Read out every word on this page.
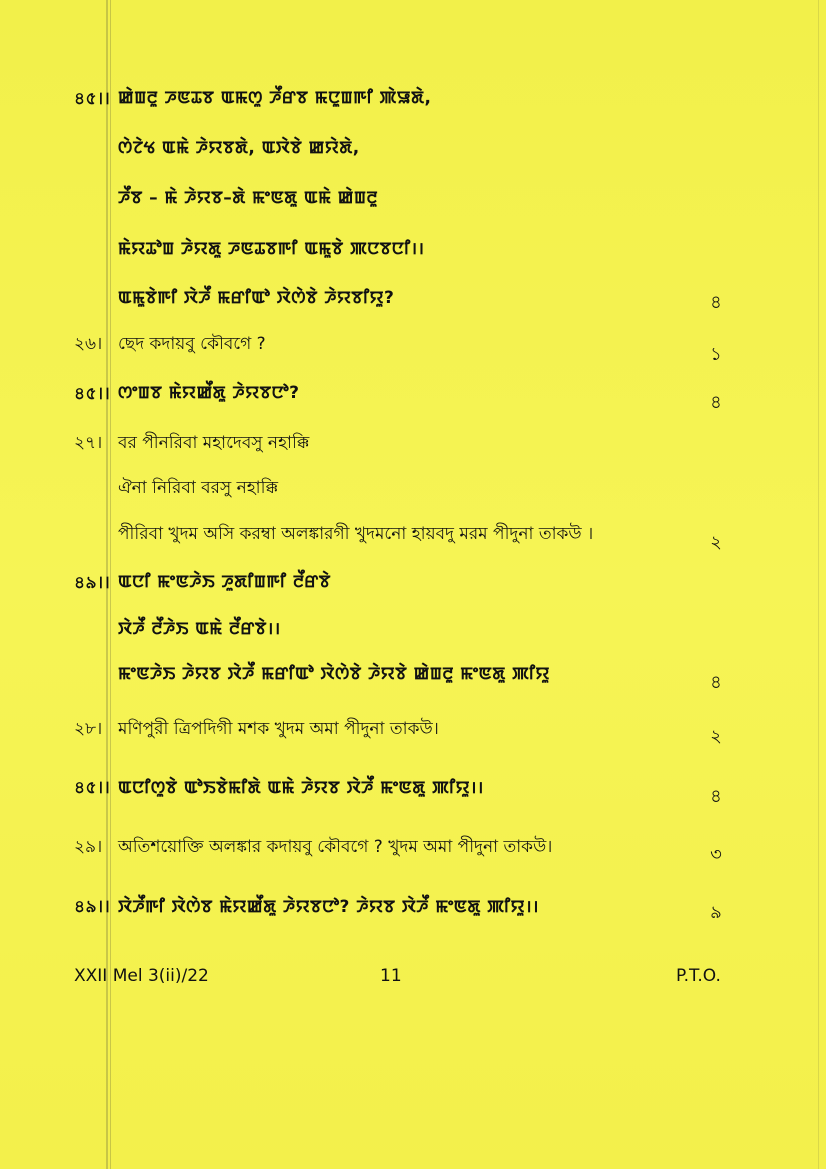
৪৫।। ꯀꯥꯡꯂꯨ ꯍꯟꯊꯕ ꯑꯃꯁꯨ ꯍꯩꯔꯕ ꯃꯅꯨꯡꯒꯤ ꯄꯥꯎꯗꯥ,
ꯁꯥꯖꯥꯠ ꯑꯃꯥ ꯍꯥꯌꯕꯗꯥ, ꯑꯋꯥꯕꯥ ꯀꯌꯥꯗꯥ,
ꯍꯩꯕ – ꯃꯥ ꯍꯥꯌꯕ–ꯗꯥ ꯃꯦꯟꯗꯨ ꯑꯃꯥ ꯀꯥꯡꯂꯨ
ꯃꯥꯌꯊꯣꯡ ꯍꯥꯌꯗꯨ ꯍꯟꯊꯕꯒꯤ ꯑꯃꯨꯕꯥ ꯄꯅꯕꯅꯤ।।
ꯑꯃꯨꯕꯥꯒꯤ ꯋꯥꯍꯩ ꯃꯔꯤꯑꯣ ꯋꯥꯁꯥꯕꯥ ꯍꯥꯌꯕꯤꯌꯨ?	৪
২৬। ছেদ কদায়বু কৌবগে ?	১
৪৫।। ꯁꯦꯡꯕ ꯃꯥꯌꯀꯩꯗꯨ ꯍꯥꯌꯕꯅꯣ?	৪
২৭। বর পীনরিবা মহাদেবসু নহাক্কি
ঐনা নিরিবা বরসু নহাক্কি
পীরিবা খুদম অসি করম্বা অলঙ্কারগী খুদমনো হায়বদু মরম পীদুনা তাকউ ।	২
৪৯।। ꯑꯅꯤ ꯃꯦꯟꯍꯥꯏ ꯍꯨꯗꯤꯡꯒꯤ ꯂꯩꯔꯕꯥ
ꯋꯥꯍꯩ ꯂꯩꯍꯥꯏ ꯑꯃꯥ ꯂꯩꯔꯕꯥ।।
ꯃꯦꯟꯍꯥꯏ ꯍꯥꯌꯕ ꯋꯥꯍꯩ ꯃꯔꯤꯑꯣ ꯋꯥꯁꯥꯕꯥ ꯍꯥꯌꯕꯥ ꯀꯥꯡꯂꯨ ꯃꯦꯟꯗꯨ ꯄꯤꯌꯨ	৪
২৮। মণিপুরী ত্রিপদিগী মশক খুদম অমা পীদুনা তাকউ।	২
৪৫।। ꯑꯅꯤꯁꯨꯕꯥ ꯑꯣꯏꯕꯥꯃꯤꯗꯥ ꯑꯃꯥ ꯍꯥꯌꯕ ꯋꯥꯍꯩ ꯃꯦꯟꯗꯨ ꯄꯤꯌꯨ।।	৪
২৯। অতিশয়োক্তি অলঙ্কার কদায়বু কৌবগে ? খুদম অমা পীদুনা তাকউ।	৩
৪৯।। ꯋꯥꯍꯩꯒꯤ ꯋꯥꯁꯥꯕ ꯃꯥꯌꯀꯩꯗꯨ ꯍꯥꯌꯕꯅꯣ? ꯍꯥꯌꯕ ꯋꯥꯍꯩ ꯃꯦꯟꯗꯨ ꯄꯤꯌꯨ।।	৯
XXII Mel 3(ii)/22	11	P.T.O.
